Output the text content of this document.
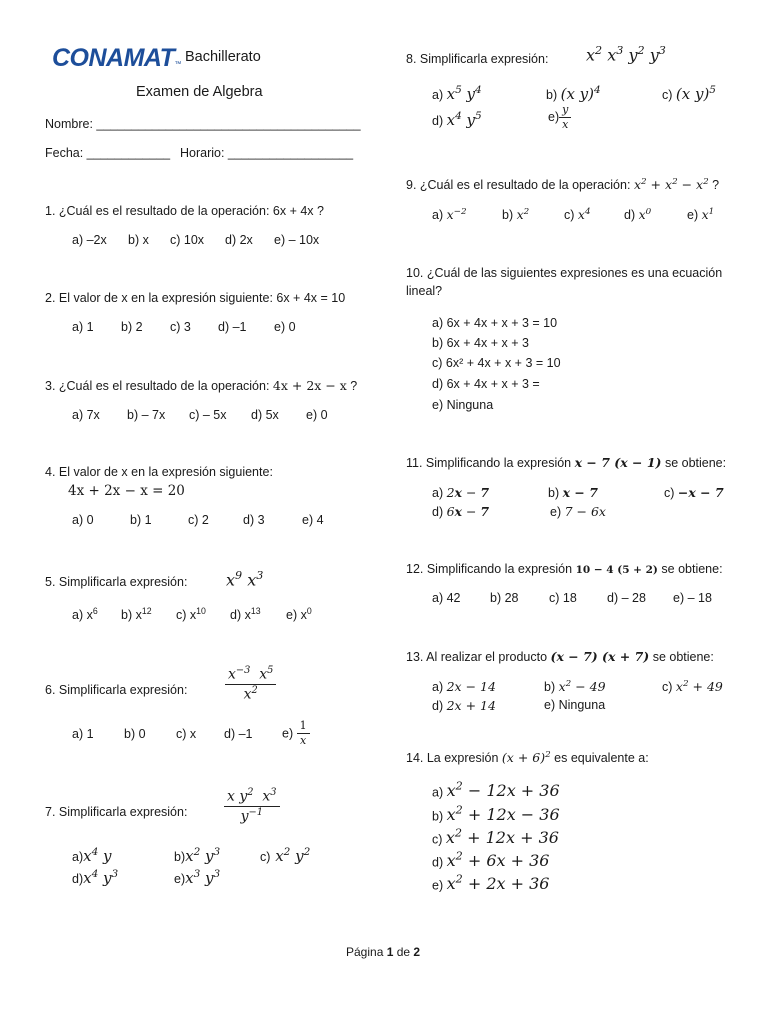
CONAMAT™ Bachillerato
Examen de Algebra
Nombre: ______________________________________
Fecha: ____________ Horario: __________________
1. ¿Cuál es el resultado de la operación: 6x + 4x ?
a) –2x b) x c) 10x d) 2x e) – 10x
2. El valor de x en la expresión siguiente: 6x + 4x = 10
a) 1 b) 2 c) 3 d) –1 e) 0
3. ¿Cuál es el resultado de la operación: 4x + 2x − x ?
a) 7x b) – 7x c) – 5x d) 5x e) 0
4. El valor de x en la expresión siguiente:
4x + 2x − x = 20
a) 0	b) 1	c) 2	d) 3	e) 4
5. Simplificarla expresión: $x^9$ $x^3$
a) $x^6$ b) $x^{12}$ c) $x^{10}$ d) $x^{13}$ e) $x^0$
6. Simplificarla expresión:	$\frac{x^{-3} x^5}{x^2}$
a) 1 b) 0 c) x d) –1 $e) \frac{1}{x}$
7. Simplificarla expresión:	$\frac{x y^2 x^3}{y^{-1}}$
$a)x^4$ y	$b)x^2$ $y^3$	c) $x^2$ $y^2$
$d)x^4$ $y^3$	$e)x^3$ $y^3$
8. Simplificarla expresión: $x^2$ $x^3$ $y^2$ $y^3$
a) $x^5$ $y^4$	b) (x y)$^4$	c) (x y)$^5$
d) $x^4$ $y^5$	$e) \frac{y}{x}$
9. ¿Cuál es el resultado de la operación: $x^2 + x^2 - x^2$ ?
a) $x^{-2}$	b) $x^2$	c) $x^4$	d) $x^0$	e) $x^1$
10. ¿Cuál de las siguientes expresiones es una ecuación
lineal?
a) 6x + 4x + x + 3 = 10
b) 6x + 4x + x + 3
c) 6x² + 4x + x + 3 = 10
d) 6x + 4x + x + 3 =
e) Ninguna
11. Simplificando la expresión x − 7 (x − 1) se obtiene:
a) 2x − 7	b) x − 7	c) −x − 7
d) 6x − 7	e) 7 − 6x
12. Simplificando la expresión 10 − 4 (5 + 2) se obtiene:
a) 42 b) 28 c) 18 d) – 28 e) – 18
13. Al realizar el producto (x − 7) (x + 7) se obtiene:
a) 2x − 14	b) $x^2 - 49$	c) $x^2 + 49$
d) 2x + 14	e) Ninguna
14. La expresión $(x + 6)^2$ es equivalente a:
a) $x^2 - 12x + 36$
b) $x^2 + 12x - 36$
c) $x^2 + 12x + 36$
d) $x^2 + 6x + 36$
e) $x^2 + 2x + 36$
Página 1 de 2
